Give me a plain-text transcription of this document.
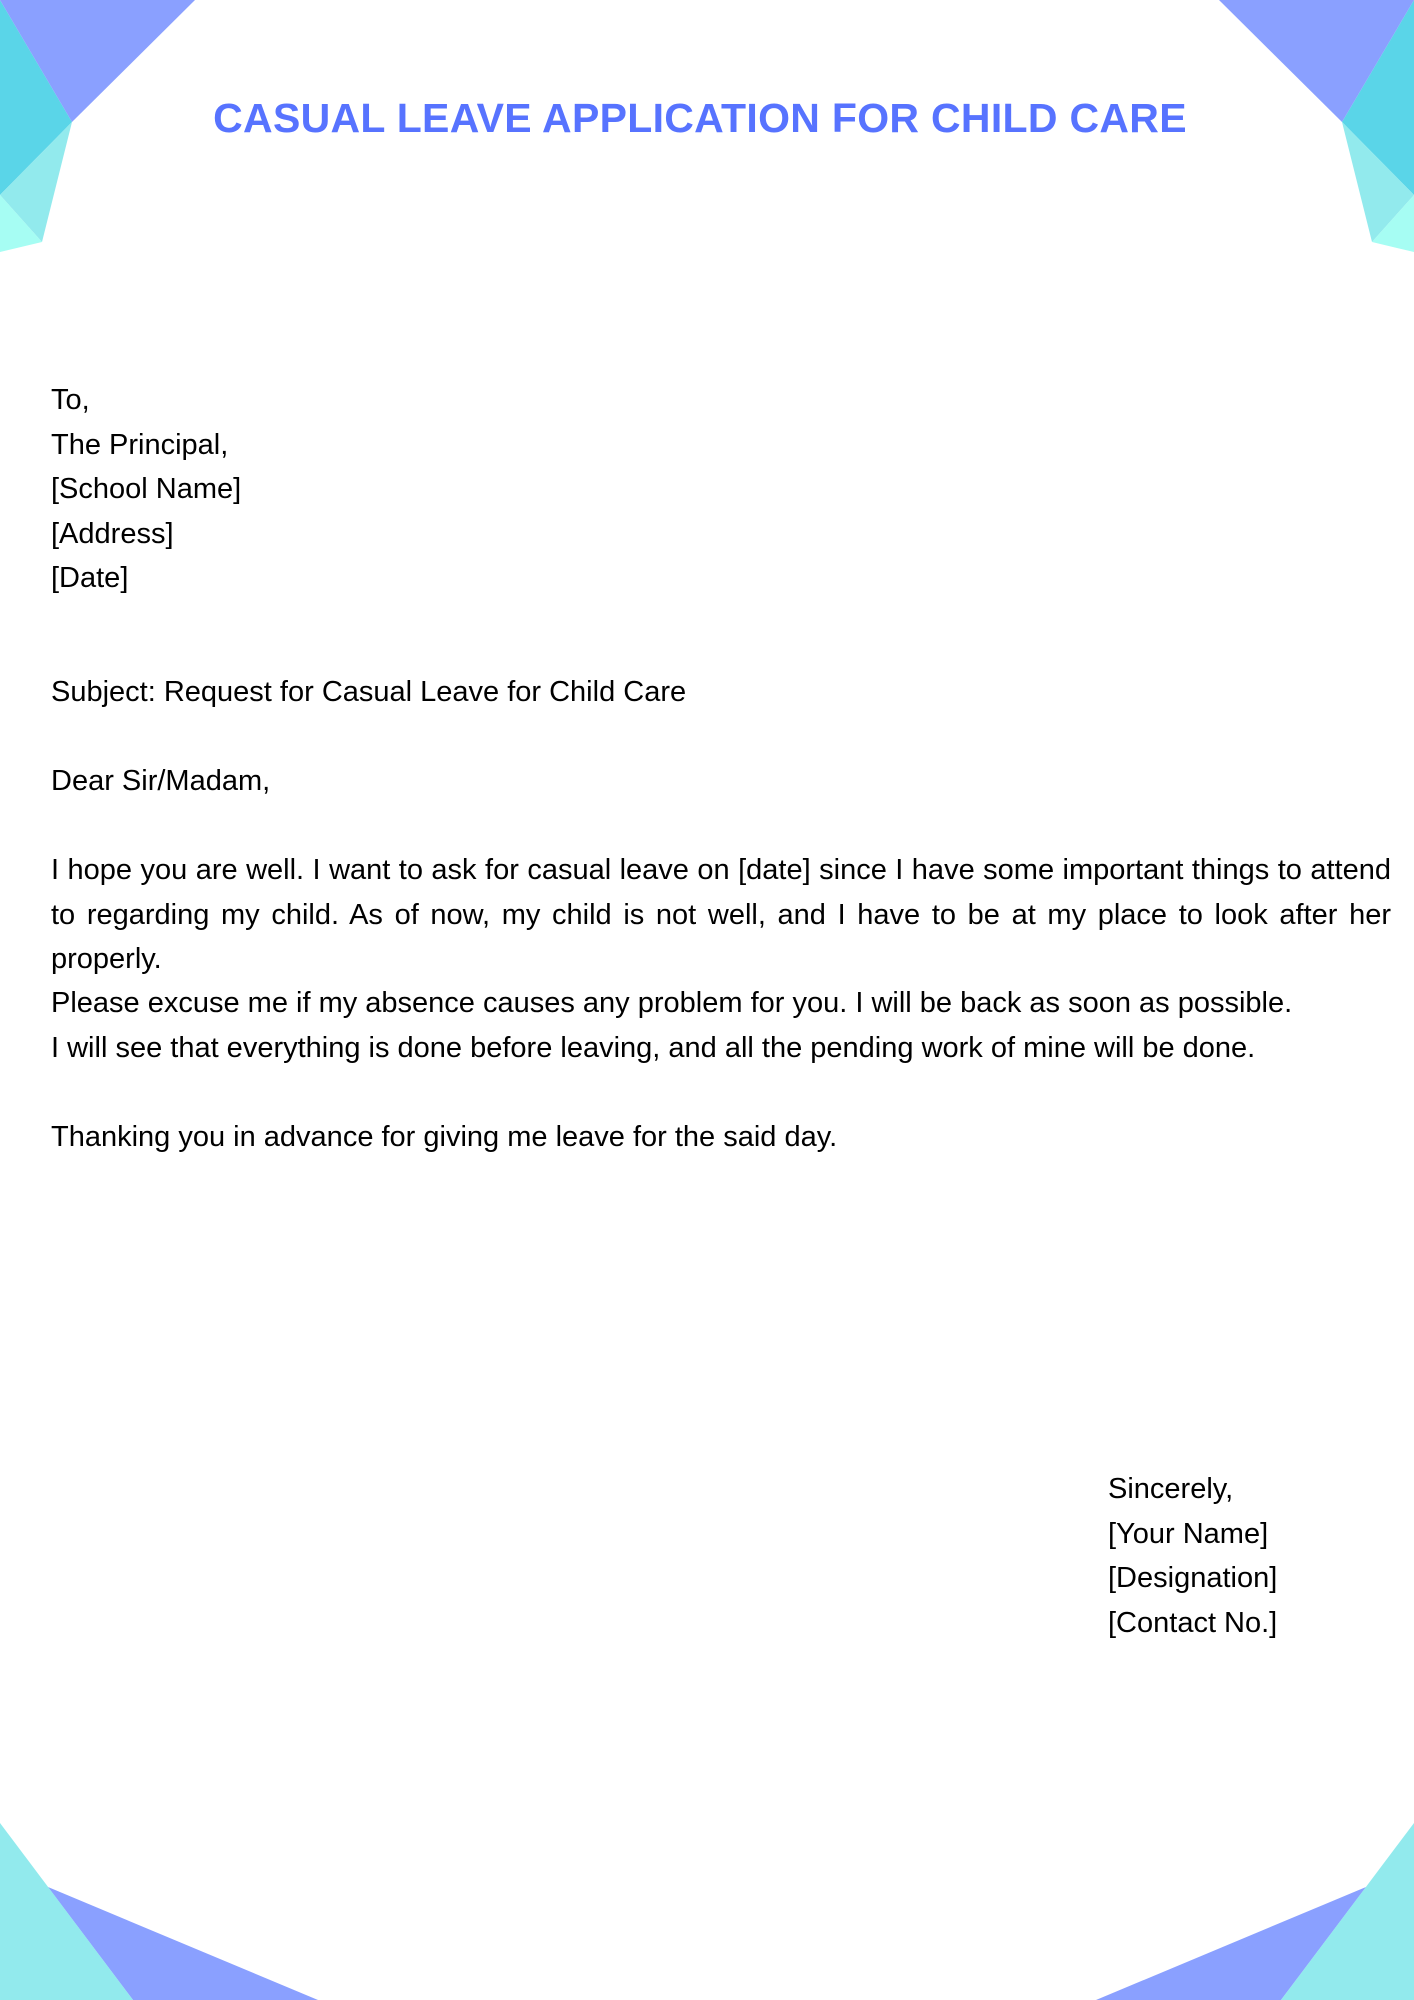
CASUAL LEAVE APPLICATION FOR CHILD CARE
To,
The Principal,
[School Name]
[Address]
[Date]
Subject: Request for Casual Leave for Child Care
Dear Sir/Madam,

I hope you are well. I want to ask for casual leave on [date] since I have some important things to attend to regarding my child. As of now, my child is not well, and I have to be at my place to look after her properly.

Please excuse me if my absence causes any problem for you. I will be back as soon as possible.
I will see that everything is done before leaving, and all the pending work of mine will be done.
Thanking you in advance for giving me leave for the said day.
Sincerely,
[Your Name]
[Designation]
[Contact No.]
